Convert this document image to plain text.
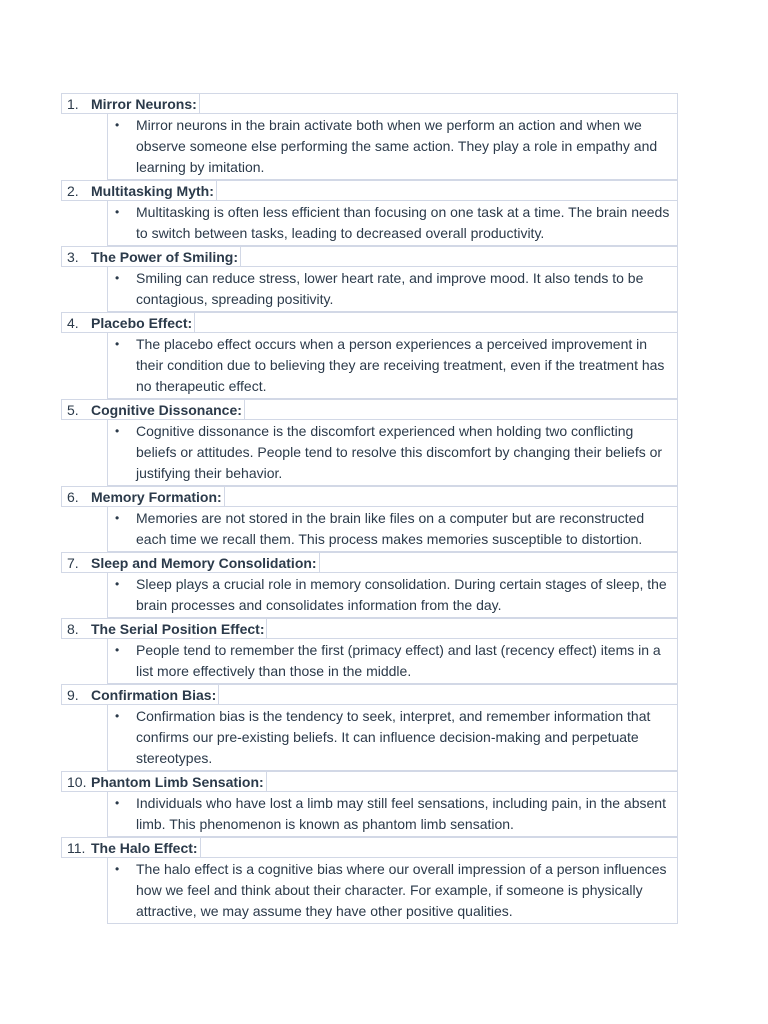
1. Mirror Neurons:
• Mirror neurons in the brain activate both when we perform an action and when we observe someone else performing the same action. They play a role in empathy and learning by imitation.
2. Multitasking Myth:
• Multitasking is often less efficient than focusing on one task at a time. The brain needs to switch between tasks, leading to decreased overall productivity.
3. The Power of Smiling:
• Smiling can reduce stress, lower heart rate, and improve mood. It also tends to be contagious, spreading positivity.
4. Placebo Effect:
• The placebo effect occurs when a person experiences a perceived improvement in their condition due to believing they are receiving treatment, even if the treatment has no therapeutic effect.
5. Cognitive Dissonance:
• Cognitive dissonance is the discomfort experienced when holding two conflicting beliefs or attitudes. People tend to resolve this discomfort by changing their beliefs or justifying their behavior.
6. Memory Formation:
• Memories are not stored in the brain like files on a computer but are reconstructed each time we recall them. This process makes memories susceptible to distortion.
7. Sleep and Memory Consolidation:
• Sleep plays a crucial role in memory consolidation. During certain stages of sleep, the brain processes and consolidates information from the day.
8. The Serial Position Effect:
• People tend to remember the first (primacy effect) and last (recency effect) items in a list more effectively than those in the middle.
9. Confirmation Bias:
• Confirmation bias is the tendency to seek, interpret, and remember information that confirms our pre-existing beliefs. It can influence decision-making and perpetuate stereotypes.
10. Phantom Limb Sensation:
• Individuals who have lost a limb may still feel sensations, including pain, in the absent limb. This phenomenon is known as phantom limb sensation.
11. The Halo Effect:
• The halo effect is a cognitive bias where our overall impression of a person influences how we feel and think about their character. For example, if someone is physically attractive, we may assume they have other positive qualities.
